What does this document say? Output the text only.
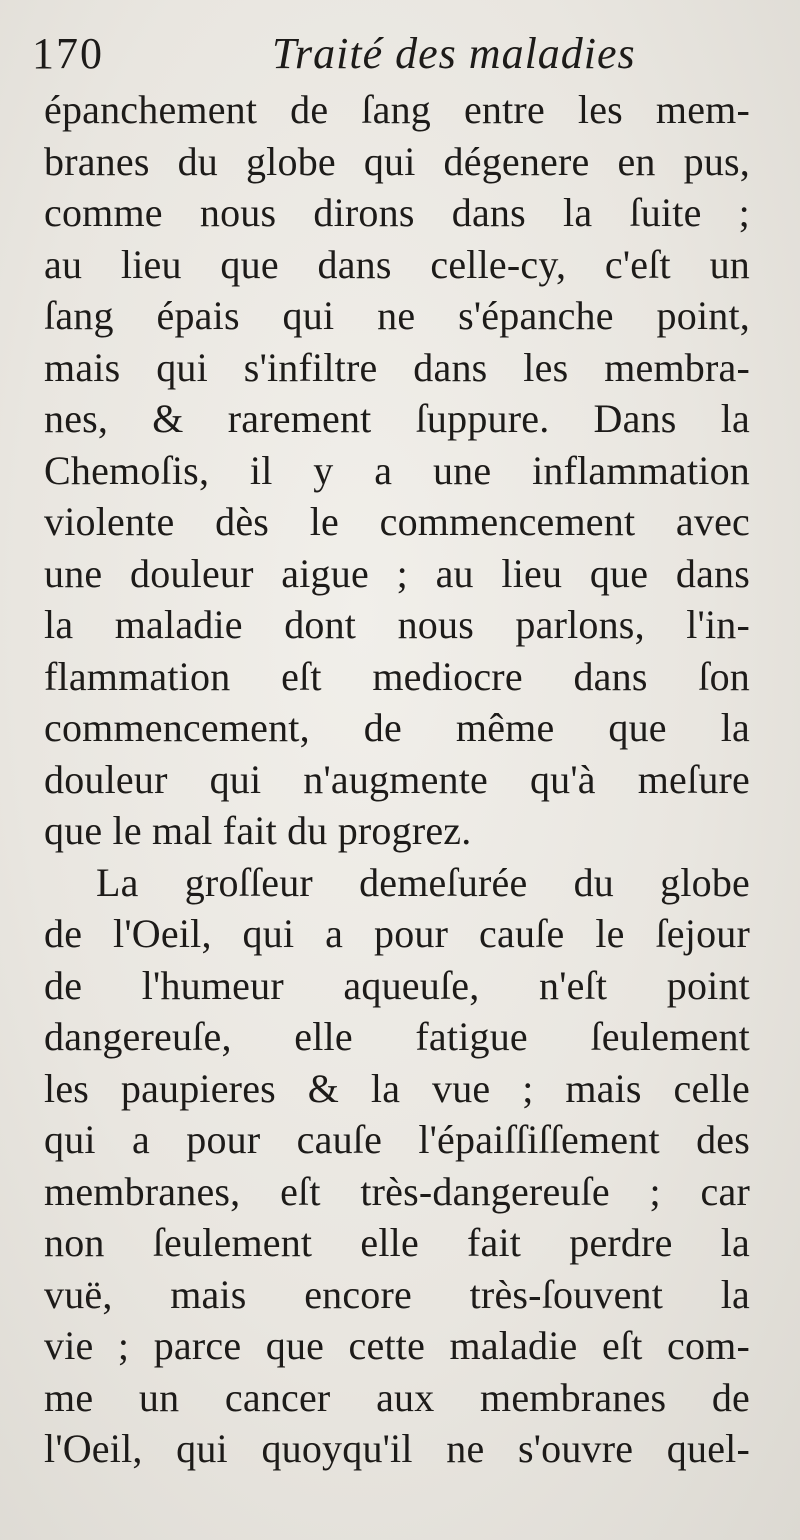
170	Traité des maladies
épanchement de ſang entre les mem-
branes du globe qui dégenere en pus,
comme nous dirons dans la ſuite ;
au lieu que dans celle-cy, c'eſt un
ſang épais qui ne s'épanche point,
mais qui s'infiltre dans les membra-
nes, & rarement ſuppure. Dans la
Chemoſis, il y a une inflammation
violente dès le commencement avec
une douleur aigue ; au lieu que dans
la maladie dont nous parlons, l'in-
flammation eſt mediocre dans ſon
commencement, de même que la
douleur qui n'augmente qu'à meſure
que le mal fait du progrez.
La groſſeur demeſurée du globe
de l'Oeil, qui a pour cauſe le ſejour
de l'humeur aqueuſe, n'eſt point
dangereuſe, elle fatigue ſeulement
les paupieres & la vue ; mais celle
qui a pour cauſe l'épaiſſiſſement des
membranes, eſt très-dangereuſe ; car
non ſeulement elle fait perdre la
vuë, mais encore très-ſouvent la
vie ; parce que cette maladie eſt com-
me un cancer aux membranes de
l'Oeil, qui quoyqu'il ne s'ouvre quel-
